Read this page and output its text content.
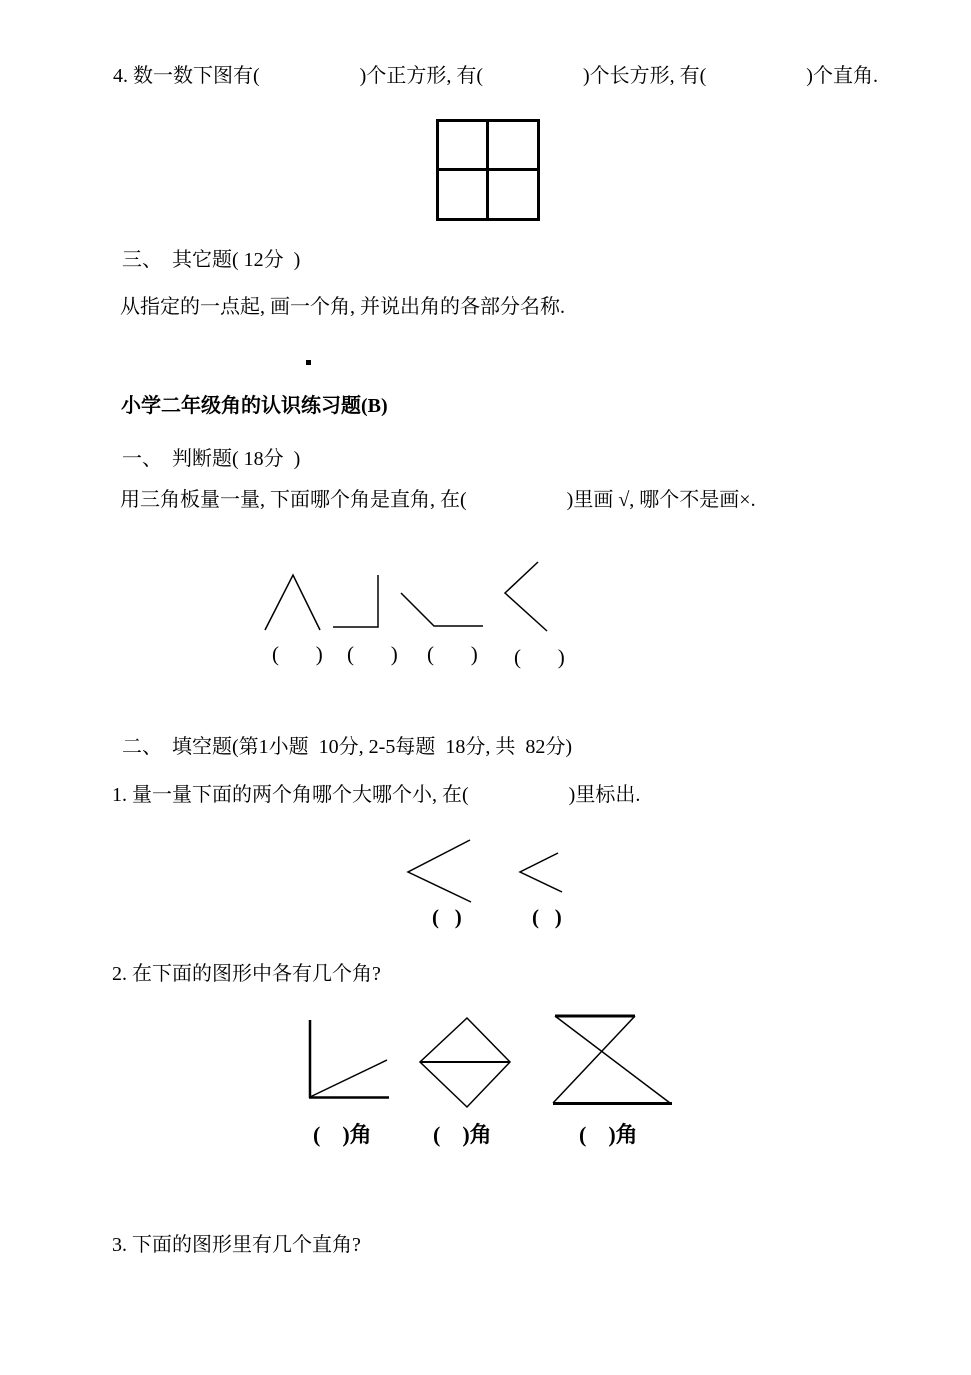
4. 数一数下图有(                    )个正方形, 有(                    )个长方形, 有(                    )个直角.
三、  其它题( 12分  )
从指定的一点起, 画一个角, 并说出角的各部分名称.
小学二年级角的认识练习题(B)
一、  判断题( 18分  )
用三角板量一量, 下面哪个角是直角, 在(                    )里画 √, 哪个不是画×.
(       ) (       ) (       ) (       )
二、  填空题(第1小题  10分, 2-5每题  18分, 共  82分)
1. 量一量下面的两个角哪个大哪个小, 在(                    )里标出.
(   )	(   )
2. 在下面的图形中各有几个角?
(    )角	(    )角	(    )角
3. 下面的图形里有几个直角?
